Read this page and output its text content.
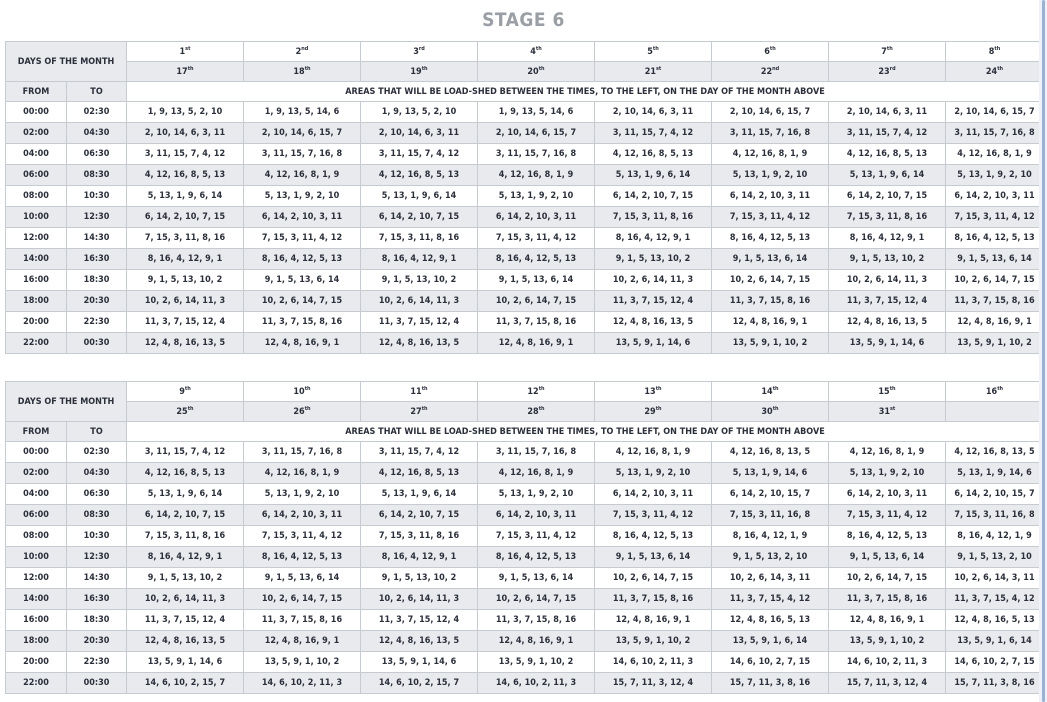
STAGE 6
DAYS OF THE MONTH		1st	2nd	3rd	4th	5th	6th	7th	8th
		17th	18th	19th	20th	21st	22nd	23rd	24th
FROM	TO	AREAS THAT WILL BE LOAD-SHED BETWEEN THE TIMES, TO THE LEFT, ON THE DAY OF THE MONTH ABOVE							
00:00	02:30	1, 9, 13, 5, 2, 10	1, 9, 13, 5, 14, 6	1, 9, 13, 5, 2, 10	1, 9, 13, 5, 14, 6	2, 10, 14, 6, 3, 11	2, 10, 14, 6, 15, 7	2, 10, 14, 6, 3, 11	2, 10, 14, 6, 15, 7
02:00	04:30	2, 10, 14, 6, 3, 11	2, 10, 14, 6, 15, 7	2, 10, 14, 6, 3, 11	2, 10, 14, 6, 15, 7	3, 11, 15, 7, 4, 12	3, 11, 15, 7, 16, 8	3, 11, 15, 7, 4, 12	3, 11, 15, 7, 16, 8
04:00	06:30	3, 11, 15, 7, 4, 12	3, 11, 15, 7, 16, 8	3, 11, 15, 7, 4, 12	3, 11, 15, 7, 16, 8	4, 12, 16, 8, 5, 13	4, 12, 16, 8, 1, 9	4, 12, 16, 8, 5, 13	4, 12, 16, 8, 1, 9
06:00	08:30	4, 12, 16, 8, 5, 13	4, 12, 16, 8, 1, 9	4, 12, 16, 8, 5, 13	4, 12, 16, 8, 1, 9	5, 13, 1, 9, 6, 14	5, 13, 1, 9, 2, 10	5, 13, 1, 9, 6, 14	5, 13, 1, 9, 2, 10
08:00	10:30	5, 13, 1, 9, 6, 14	5, 13, 1, 9, 2, 10	5, 13, 1, 9, 6, 14	5, 13, 1, 9, 2, 10	6, 14, 2, 10, 7, 15	6, 14, 2, 10, 3, 11	6, 14, 2, 10, 7, 15	6, 14, 2, 10, 3, 11
10:00	12:30	6, 14, 2, 10, 7, 15	6, 14, 2, 10, 3, 11	6, 14, 2, 10, 7, 15	6, 14, 2, 10, 3, 11	7, 15, 3, 11, 8, 16	7, 15, 3, 11, 4, 12	7, 15, 3, 11, 8, 16	7, 15, 3, 11, 4, 12
12:00	14:30	7, 15, 3, 11, 8, 16	7, 15, 3, 11, 4, 12	7, 15, 3, 11, 8, 16	7, 15, 3, 11, 4, 12	8, 16, 4, 12, 9, 1	8, 16, 4, 12, 5, 13	8, 16, 4, 12, 9, 1	8, 16, 4, 12, 5, 13
14:00	16:30	8, 16, 4, 12, 9, 1	8, 16, 4, 12, 5, 13	8, 16, 4, 12, 9, 1	8, 16, 4, 12, 5, 13	9, 1, 5, 13, 10, 2	9, 1, 5, 13, 6, 14	9, 1, 5, 13, 10, 2	9, 1, 5, 13, 6, 14
16:00	18:30	9, 1, 5, 13, 10, 2	9, 1, 5, 13, 6, 14	9, 1, 5, 13, 10, 2	9, 1, 5, 13, 6, 14	10, 2, 6, 14, 11, 3	10, 2, 6, 14, 7, 15	10, 2, 6, 14, 11, 3	10, 2, 6, 14, 7, 15
18:00	20:30	10, 2, 6, 14, 11, 3	10, 2, 6, 14, 7, 15	10, 2, 6, 14, 11, 3	10, 2, 6, 14, 7, 15	11, 3, 7, 15, 12, 4	11, 3, 7, 15, 8, 16	11, 3, 7, 15, 12, 4	11, 3, 7, 15, 8, 16
20:00	22:30	11, 3, 7, 15, 12, 4	11, 3, 7, 15, 8, 16	11, 3, 7, 15, 12, 4	11, 3, 7, 15, 8, 16	12, 4, 8, 16, 13, 5	12, 4, 8, 16, 9, 1	12, 4, 8, 16, 13, 5	12, 4, 8, 16, 9, 1
22:00	00:30	12, 4, 8, 16, 13, 5	12, 4, 8, 16, 9, 1	12, 4, 8, 16, 13, 5	12, 4, 8, 16, 9, 1	13, 5, 9, 1, 14, 6	13, 5, 9, 1, 10, 2	13, 5, 9, 1, 14, 6	13, 5, 9, 1, 10, 2
DAYS OF THE MONTH		9th	10th	11th	12th	13th	14th	15th	16th
		25th	26th	27th	28th	29th	30th	31st	
FROM	TO	AREAS THAT WILL BE LOAD-SHED BETWEEN THE TIMES, TO THE LEFT, ON THE DAY OF THE MONTH ABOVE							
00:00	02:30	3, 11, 15, 7, 4, 12	3, 11, 15, 7, 16, 8	3, 11, 15, 7, 4, 12	3, 11, 15, 7, 16, 8	4, 12, 16, 8, 1, 9	4, 12, 16, 8, 13, 5	4, 12, 16, 8, 1, 9	4, 12, 16, 8, 13, 5
02:00	04:30	4, 12, 16, 8, 5, 13	4, 12, 16, 8, 1, 9	4, 12, 16, 8, 5, 13	4, 12, 16, 8, 1, 9	5, 13, 1, 9, 2, 10	5, 13, 1, 9, 14, 6	5, 13, 1, 9, 2, 10	5, 13, 1, 9, 14, 6
04:00	06:30	5, 13, 1, 9, 6, 14	5, 13, 1, 9, 2, 10	5, 13, 1, 9, 6, 14	5, 13, 1, 9, 2, 10	6, 14, 2, 10, 3, 11	6, 14, 2, 10, 15, 7	6, 14, 2, 10, 3, 11	6, 14, 2, 10, 15, 7
06:00	08:30	6, 14, 2, 10, 7, 15	6, 14, 2, 10, 3, 11	6, 14, 2, 10, 7, 15	6, 14, 2, 10, 3, 11	7, 15, 3, 11, 4, 12	7, 15, 3, 11, 16, 8	7, 15, 3, 11, 4, 12	7, 15, 3, 11, 16, 8
08:00	10:30	7, 15, 3, 11, 8, 16	7, 15, 3, 11, 4, 12	7, 15, 3, 11, 8, 16	7, 15, 3, 11, 4, 12	8, 16, 4, 12, 5, 13	8, 16, 4, 12, 1, 9	8, 16, 4, 12, 5, 13	8, 16, 4, 12, 1, 9
10:00	12:30	8, 16, 4, 12, 9, 1	8, 16, 4, 12, 5, 13	8, 16, 4, 12, 9, 1	8, 16, 4, 12, 5, 13	9, 1, 5, 13, 6, 14	9, 1, 5, 13, 2, 10	9, 1, 5, 13, 6, 14	9, 1, 5, 13, 2, 10
12:00	14:30	9, 1, 5, 13, 10, 2	9, 1, 5, 13, 6, 14	9, 1, 5, 13, 10, 2	9, 1, 5, 13, 6, 14	10, 2, 6, 14, 7, 15	10, 2, 6, 14, 3, 11	10, 2, 6, 14, 7, 15	10, 2, 6, 14, 3, 11
14:00	16:30	10, 2, 6, 14, 11, 3	10, 2, 6, 14, 7, 15	10, 2, 6, 14, 11, 3	10, 2, 6, 14, 7, 15	11, 3, 7, 15, 8, 16	11, 3, 7, 15, 4, 12	11, 3, 7, 15, 8, 16	11, 3, 7, 15, 4, 12
16:00	18:30	11, 3, 7, 15, 12, 4	11, 3, 7, 15, 8, 16	11, 3, 7, 15, 12, 4	11, 3, 7, 15, 8, 16	12, 4, 8, 16, 9, 1	12, 4, 8, 16, 5, 13	12, 4, 8, 16, 9, 1	12, 4, 8, 16, 5, 13
18:00	20:30	12, 4, 8, 16, 13, 5	12, 4, 8, 16, 9, 1	12, 4, 8, 16, 13, 5	12, 4, 8, 16, 9, 1	13, 5, 9, 1, 10, 2	13, 5, 9, 1, 6, 14	13, 5, 9, 1, 10, 2	13, 5, 9, 1, 6, 14
20:00	22:30	13, 5, 9, 1, 14, 6	13, 5, 9, 1, 10, 2	13, 5, 9, 1, 14, 6	13, 5, 9, 1, 10, 2	14, 6, 10, 2, 11, 3	14, 6, 10, 2, 7, 15	14, 6, 10, 2, 11, 3	14, 6, 10, 2, 7, 15
22:00	00:30	14, 6, 10, 2, 15, 7	14, 6, 10, 2, 11, 3	14, 6, 10, 2, 15, 7	14, 6, 10, 2, 11, 3	15, 7, 11, 3, 12, 4	15, 7, 11, 3, 8, 16	15, 7, 11, 3, 12, 4	15, 7, 11, 3, 8, 16
